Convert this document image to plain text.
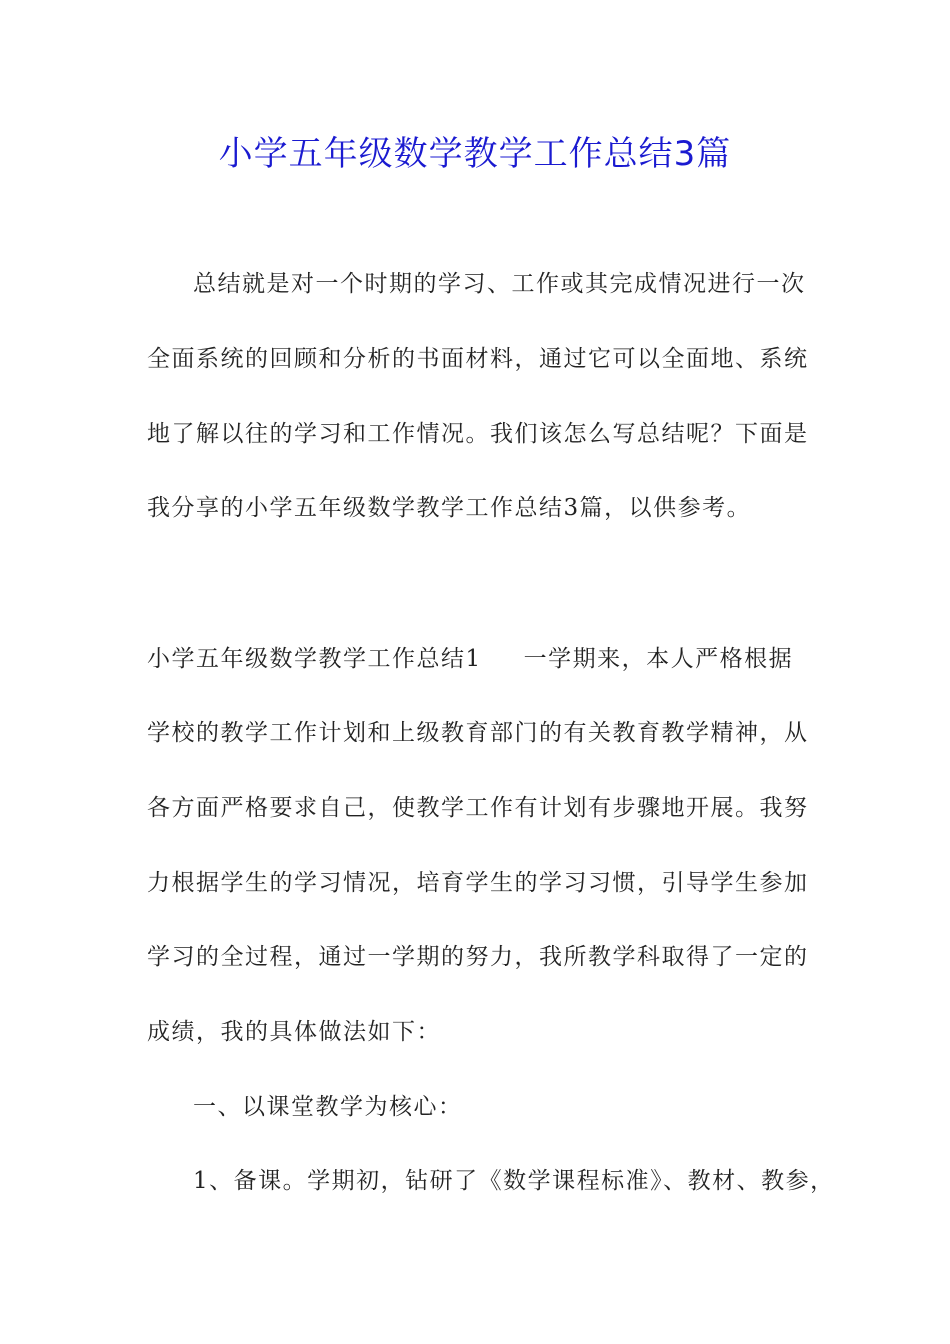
小学五年级数学教学工作总结3篇
总结就是对一个时期的学习、工作或其完成情况进行一次
全面系统的回顾和分析的书面材料，通过它可以全面地、系统
地了解以往的学习和工作情况。我们该怎么写总结呢？下面是
我分享的小学五年级数学教学工作总结3篇，以供参考。
小学五年级数学教学工作总结1 一学期来，本人严格根据
学校的教学工作计划和上级教育部门的有关教育教学精神，从
各方面严格要求自己，使教学工作有计划有步骤地开展。我努
力根据学生的学习情况，培育学生的学习习惯，引导学生参加
学习的全过程，通过一学期的努力，我所教学科取得了一定的
成绩，我的具体做法如下：
一、以课堂教学为核心：
1、备课。学期初，钻研了《数学课程标准》、教材、教参，
